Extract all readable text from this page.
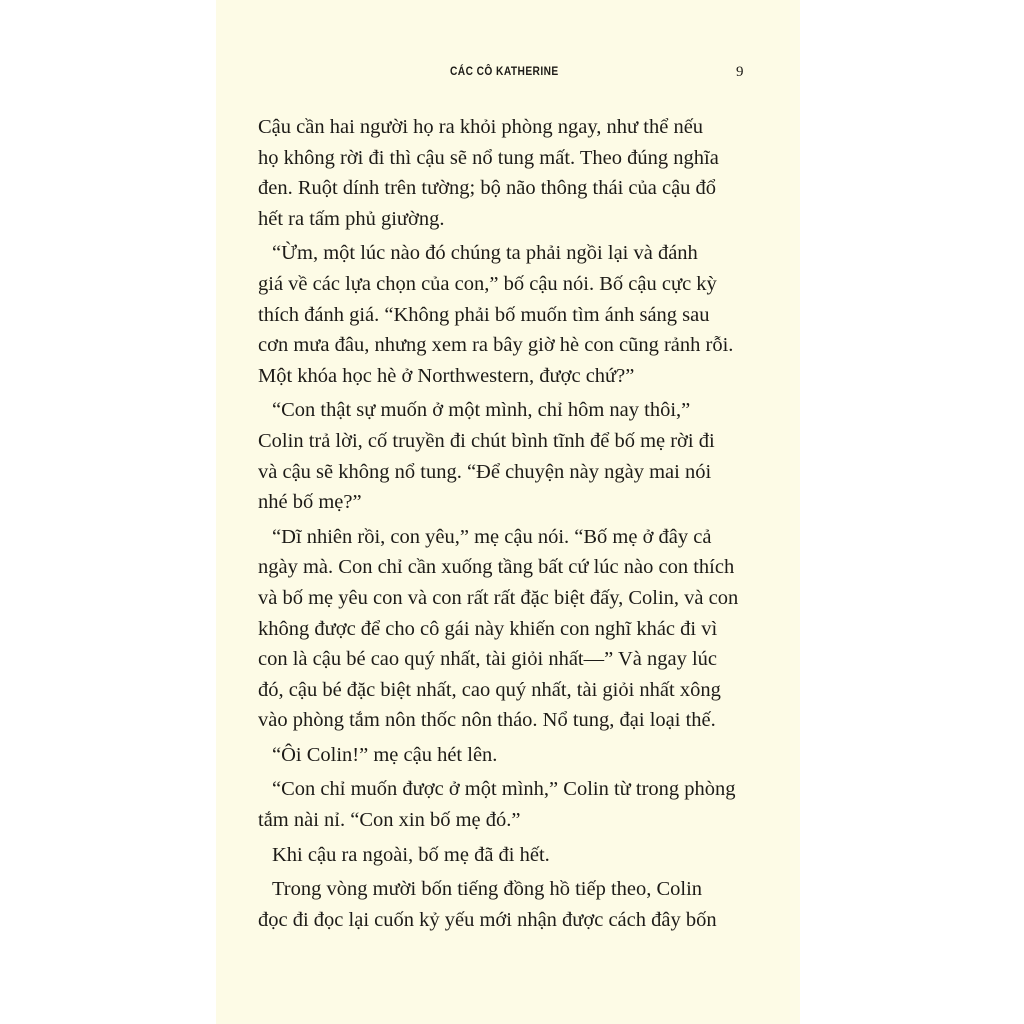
CÁC CÔ KATHERINE	9
Cậu cần hai người họ ra khỏi phòng ngay, như thể nếu
họ không rời đi thì cậu sẽ nổ tung mất. Theo đúng nghĩa
đen. Ruột dính trên tường; bộ não thông thái của cậu đổ
hết ra tấm phủ giường.
“Ừm, một lúc nào đó chúng ta phải ngồi lại và đánh
giá về các lựa chọn của con,” bố cậu nói. Bố cậu cực kỳ
thích đánh giá. “Không phải bố muốn tìm ánh sáng sau
cơn mưa đâu, nhưng xem ra bây giờ hè con cũng rảnh rỗi.
Một khóa học hè ở Northwestern, được chứ?”
“Con thật sự muốn ở một mình, chỉ hôm nay thôi,”
Colin trả lời, cố truyền đi chút bình tĩnh để bố mẹ rời đi
và cậu sẽ không nổ tung. “Để chuyện này ngày mai nói
nhé bố mẹ?”
“Dĩ nhiên rồi, con yêu,” mẹ cậu nói. “Bố mẹ ở đây cả
ngày mà. Con chỉ cần xuống tầng bất cứ lúc nào con thích
và bố mẹ yêu con và con rất rất đặc biệt đấy, Colin, và con
không được để cho cô gái này khiến con nghĩ khác đi vì
con là cậu bé cao quý nhất, tài giỏi nhất—” Và ngay lúc
đó, cậu bé đặc biệt nhất, cao quý nhất, tài giỏi nhất xông
vào phòng tắm nôn thốc nôn tháo. Nổ tung, đại loại thế.
“Ôi Colin!” mẹ cậu hét lên.
“Con chỉ muốn được ở một mình,” Colin từ trong phòng
tắm nài nỉ. “Con xin bố mẹ đó.”
Khi cậu ra ngoài, bố mẹ đã đi hết.
Trong vòng mười bốn tiếng đồng hồ tiếp theo, Colin
đọc đi đọc lại cuốn kỷ yếu mới nhận được cách đây bốn
